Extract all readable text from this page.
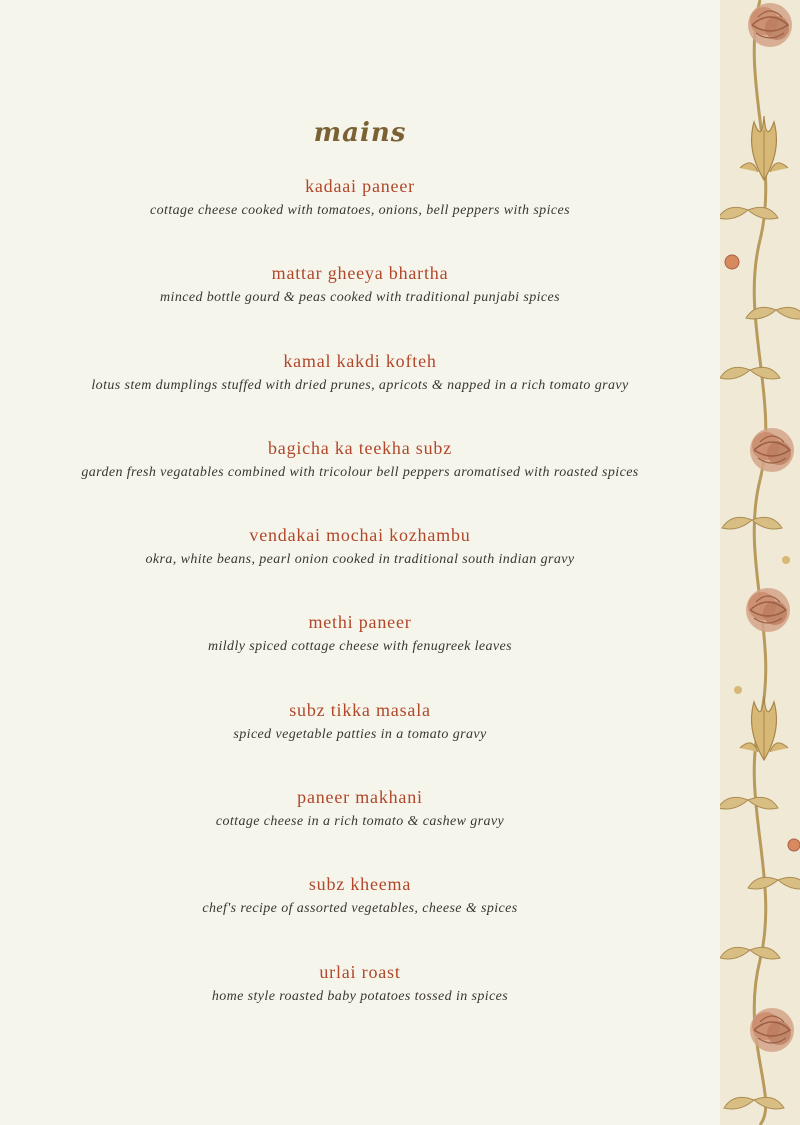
mains
kadaai paneer
cottage cheese cooked with tomatoes, onions, bell peppers with spices
mattar gheeya bhartha
minced bottle gourd & peas cooked with traditional punjabi spices
kamal kakdi kofteh
lotus stem dumplings stuffed with dried prunes, apricots & napped in a rich tomato gravy
bagicha ka teekha subz
garden fresh vegatables combined with tricolour bell peppers aromatised with roasted spices
vendakai mochai kozhambu
okra, white beans, pearl onion cooked in traditional south indian gravy
methi paneer
mildly spiced cottage cheese with fenugreek leaves
subz tikka masala
spiced vegetable patties in a tomato gravy
paneer makhani
cottage cheese in a rich tomato & cashew gravy
subz kheema
chef's recipe of assorted vegetables, cheese & spices
urlai roast
home style roasted baby potatoes tossed in spices
